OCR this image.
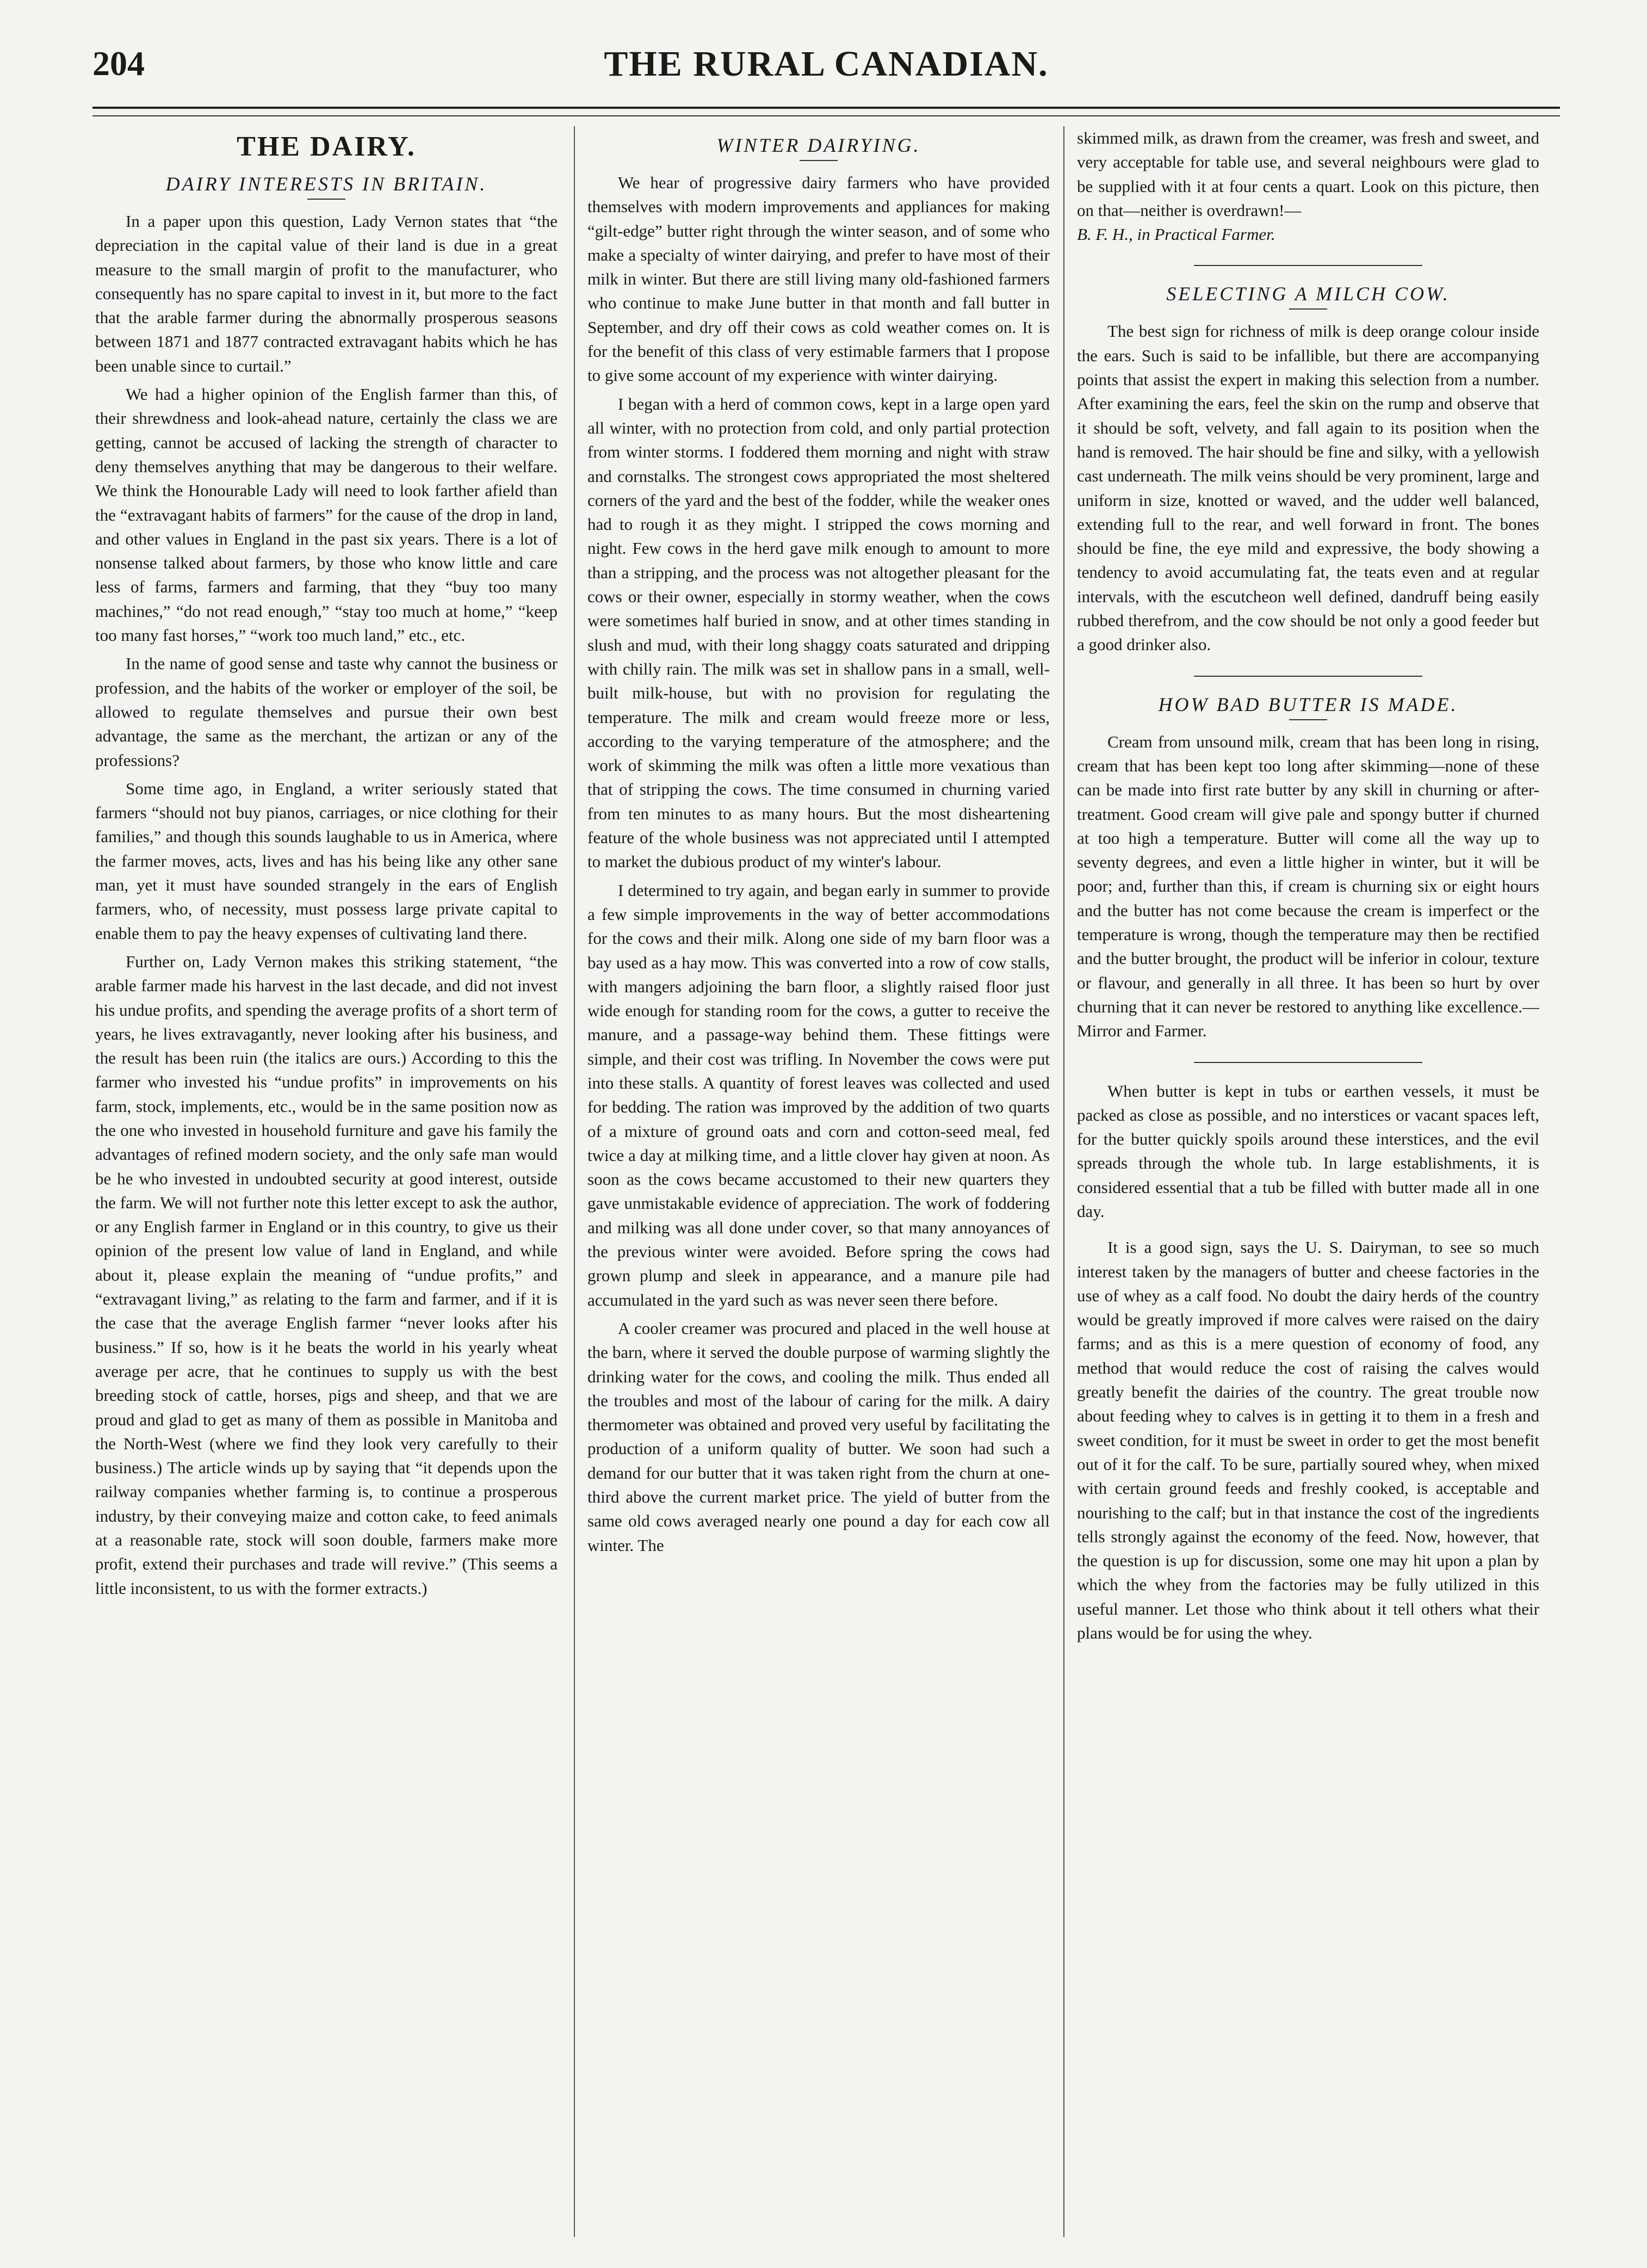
204	THE RURAL CANADIAN.
THE DAIRY.
DAIRY INTERESTS IN BRITAIN.

In a paper upon this question, Lady Vernon states that “the depreciation in the capital value of their land is due in a great measure to the small margin of profit to the manufacturer, who consequently has no spare capital to invest in it, but more to the fact that the arable farmer during the abnormally prosperous seasons between 1871 and 1877 contracted extravagant habits which he has been unable since to curtail.”

We had a higher opinion of the English farmer than this, of their shrewdness and look-ahead nature, certainly the class we are getting, cannot be accused of lacking the strength of character to deny themselves anything that may be dangerous to their welfare. We think the Honourable Lady will need to look farther afield than the “extravagant habits of farmers” for the cause of the drop in land, and other values in England in the past six years. There is a lot of nonsense talked about farmers, by those who know little and care less of farms, farmers and farming, that they “buy too many machines,” “do not read enough,” “stay too much at home,” “keep too many fast horses,” “work too much land,” etc., etc.

In the name of good sense and taste why cannot the business or profession, and the habits of the worker or employer of the soil, be allowed to regulate themselves and pursue their own best advantage, the same as the merchant, the artizan or any of the professions?

Some time ago, in England, a writer seriously stated that farmers “should not buy pianos, carriages, or nice clothing for their families,” and though this sounds laughable to us in America, where the farmer moves, acts, lives and has his being like any other sane man, yet it must have sounded strangely in the ears of English farmers, who, of necessity, must possess large private capital to enable them to pay the heavy expenses of cultivating land there.

Further on, Lady Vernon makes this striking statement, “the arable farmer made his harvest in the last decade, and did not invest his undue profits, and spending the average profits of a short term of years, he lives extravagantly, never looking after his business, and the result has been ruin (the italics are ours.) According to this the farmer who invested his “undue profits” in improvements on his farm, stock, implements, etc., would be in the same position now as the one who invested in household furniture and gave his family the advantages of refined modern society, and the only safe man would be he who invested in undoubted security at good interest, outside the farm. We will not further note this letter except to ask the author, or any English farmer in England or in this country, to give us their opinion of the present low value of land in England, and while about it, please explain the meaning of “undue profits,” and “extravagant living,” as relating to the farm and farmer, and if it is the case that the average English farmer “never looks after his business.” If so, how is it he beats the world in his yearly wheat average per acre, that he continues to supply us with the best breeding stock of cattle, horses, pigs and sheep, and that we are proud and glad to get as many of them as possible in Manitoba and the North-West (where we find they look very carefully to their business.) The article winds up by saying that “it depends upon the railway companies whether farming is, to continue a prosperous industry, by their conveying maize and cotton cake, to feed animals at a reasonable rate, stock will soon double, farmers make more profit, extend their purchases and trade will revive.” (This seems a little inconsistent, to us with the former extracts.)

WINTER DAIRYING.

We hear of progressive dairy farmers who have provided themselves with modern improvements and appliances for making “gilt-edge” butter right through the winter season, and of some who make a specialty of winter dairying, and prefer to have most of their milk in winter. But there are still living many old-fashioned farmers who continue to make June butter in that month and fall butter in September, and dry off their cows as cold weather comes on. It is for the benefit of this class of very estimable farmers that I propose to give some account of my experience with winter dairying.

I began with a herd of common cows, kept in a large open yard all winter, with no protection from cold, and only partial protection from winter storms. I foddered them morning and night with straw and cornstalks. The strongest cows appropriated the most sheltered corners of the yard and the best of the fodder, while the weaker ones had to rough it as they might. I stripped the cows morning and night. Few cows in the herd gave milk enough to amount to more than a stripping, and the process was not altogether pleasant for the cows or their owner, especially in stormy weather, when the cows were sometimes half buried in snow, and at other times standing in slush and mud, with their long shaggy coats saturated and dripping with chilly rain. The milk was set in shallow pans in a small, well-built milk-house, but with no provision for regulating the temperature. The milk and cream would freeze more or less, according to the varying temperature of the atmosphere; and the work of skimming the milk was often a little more vexatious than that of stripping the cows. The time consumed in churning varied from ten minutes to as many hours. But the most disheartening feature of the whole business was not appreciated until I attempted to market the dubious product of my winter's labour.

I determined to try again, and began early in summer to provide a few simple improvements in the way of better accommodations for the cows and their milk. Along one side of my barn floor was a bay used as a hay mow. This was converted into a row of cow stalls, with mangers adjoining the barn floor, a slightly raised floor just wide enough for standing room for the cows, a gutter to receive the manure, and a passage-way behind them. These fittings were simple, and their cost was trifling. In November the cows were put into these stalls. A quantity of forest leaves was collected and used for bedding. The ration was improved by the addition of two quarts of a mixture of ground oats and corn and cotton-seed meal, fed twice a day at milking time, and a little clover hay given at noon. As soon as the cows became accustomed to their new quarters they gave unmistakable evidence of appreciation. The work of foddering and milking was all done under cover, so that many annoyances of the previous winter were avoided. Before spring the cows had grown plump and sleek in appearance, and a manure pile had accumulated in the yard such as was never seen there before.

A cooler creamer was procured and placed in the well house at the barn, where it served the double purpose of warming slightly the drinking water for the cows, and cooling the milk. Thus ended all the troubles and most of the labour of caring for the milk. A dairy thermometer was obtained and proved very useful by facilitating the production of a uniform quality of butter. We soon had such a demand for our butter that it was taken right from the churn at one-third above the current market price. The yield of butter from the same old cows averaged nearly one pound a day for each cow all winter. The

skimmed milk, as drawn from the creamer, was fresh and sweet, and very acceptable for table use, and several neighbours were glad to be supplied with it at four cents a quart. Look on this picture, then on that—neither is overdrawn!—

B. F. H., in Practical Farmer.

SELECTING A MILCH COW.

The best sign for richness of milk is deep orange colour inside the ears. Such is said to be infallible, but there are accompanying points that assist the expert in making this selection from a number. After examining the ears, feel the skin on the rump and observe that it should be soft, velvety, and fall again to its position when the hand is removed. The hair should be fine and silky, with a yellowish cast underneath. The milk veins should be very prominent, large and uniform in size, knotted or waved, and the udder well balanced, extending full to the rear, and well forward in front. The bones should be fine, the eye mild and expressive, the body showing a tendency to avoid accumulating fat, the teats even and at regular intervals, with the escutcheon well defined, dandruff being easily rubbed therefrom, and the cow should be not only a good feeder but a good drinker also.

HOW BAD BUTTER IS MADE.

Cream from unsound milk, cream that has been long in rising, cream that has been kept too long after skimming—none of these can be made into first rate butter by any skill in churning or after-treatment. Good cream will give pale and spongy butter if churned at too high a temperature. Butter will come all the way up to seventy degrees, and even a little higher in winter, but it will be poor; and, further than this, if cream is churning six or eight hours and the butter has not come because the cream is imperfect or the temperature is wrong, though the temperature may then be rectified and the butter brought, the product will be inferior in colour, texture or flavour, and generally in all three. It has been so hurt by over churning that it can never be restored to anything like excellence.—Mirror and Farmer.

When butter is kept in tubs or earthen vessels, it must be packed as close as possible, and no interstices or vacant spaces left, for the butter quickly spoils around these interstices, and the evil spreads through the whole tub. In large establishments, it is considered essential that a tub be filled with butter made all in one day.

It is a good sign, says the U. S. Dairyman, to see so much interest taken by the managers of butter and cheese factories in the use of whey as a calf food. No doubt the dairy herds of the country would be greatly improved if more calves were raised on the dairy farms; and as this is a mere question of economy of food, any method that would reduce the cost of raising the calves would greatly benefit the dairies of the country. The great trouble now about feeding whey to calves is in getting it to them in a fresh and sweet condition, for it must be sweet in order to get the most benefit out of it for the calf. To be sure, partially soured whey, when mixed with certain ground feeds and freshly cooked, is acceptable and nourishing to the calf; but in that instance the cost of the ingredients tells strongly against the economy of the feed. Now, however, that the question is up for discussion, some one may hit upon a plan by which the whey from the factories may be fully utilized in this useful manner. Let those who think about it tell others what their plans would be for using the whey.
